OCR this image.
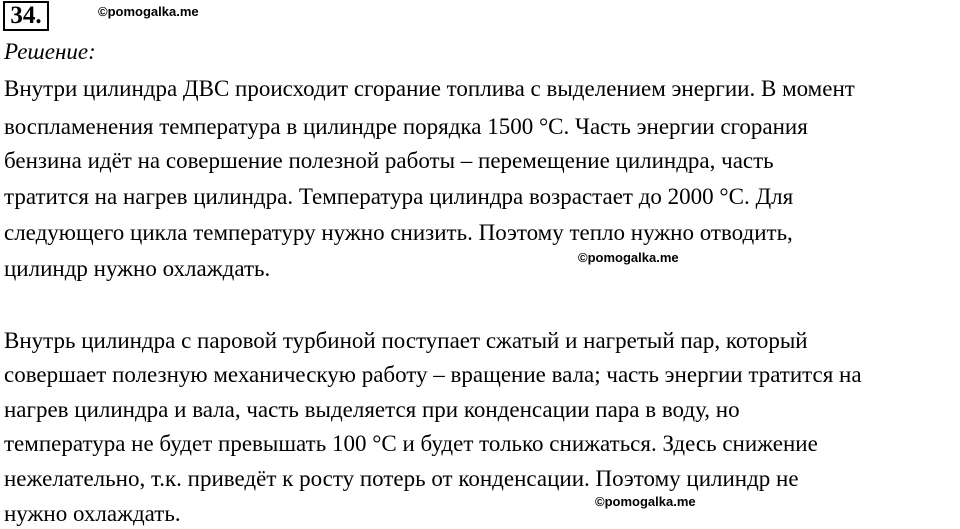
34.	©pomogalka.me
Решение:
Внутри цилиндра ДВС происходит сгорание топлива с выделением энергии. В момент
воспламенения температура в цилиндре порядка 1500 °С. Часть энергии сгорания
бензина идёт на совершение полезной работы – перемещение цилиндра, часть
тратится на нагрев цилиндра. Температура цилиндра возрастает до 2000 °С. Для
следующего цикла температуру нужно снизить. Поэтому тепло нужно отводить,
цилиндр нужно охлаждать.	©pomogalka.me
Внутрь цилиндра с паровой турбиной поступает сжатый и нагретый пар, который
совершает полезную механическую работу – вращение вала; часть энергии тратится на
нагрев цилиндра и вала, часть выделяется при конденсации пара в воду, но
температура не будет превышать 100 °С и будет только снижаться. Здесь снижение
нежелательно, т.к. приведёт к росту потерь от конденсации. Поэтому цилиндр не
нужно охлаждать.	©pomogalka.me
